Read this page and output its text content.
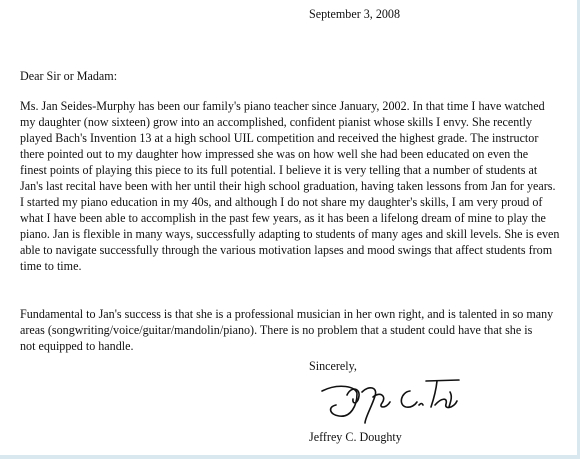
September 3, 2008
Dear Sir or Madam:
Ms. Jan Seides-Murphy has been our family's piano teacher since January, 2002. In that time I have watched
my daughter (now sixteen) grow into an accomplished, confident pianist whose skills I envy. She recently
played Bach's Invention 13 at a high school UIL competition and received the highest grade. The instructor
there pointed out to my daughter how impressed she was on how well she had been educated on even the
finest points of playing this piece to its full potential. I believe it is very telling that a number of students at
Jan's last recital have been with her until their high school graduation, having taken lessons from Jan for years.
I started my piano education in my 40s, and although I do not share my daughter's skills, I am very proud of
what I have been able to accomplish in the past few years, as it has been a lifelong dream of mine to play the
piano. Jan is flexible in many ways, successfully adapting to students of many ages and skill levels. She is even
able to navigate successfully through the various motivation lapses and mood swings that affect students from
time to time.
Fundamental to Jan's success is that she is a professional musician in her own right, and is talented in so many
areas (songwriting/voice/guitar/mandolin/piano). There is no problem that a student could have that she is
not equipped to handle.
Sincerely,
Jeffrey C. Doughty
